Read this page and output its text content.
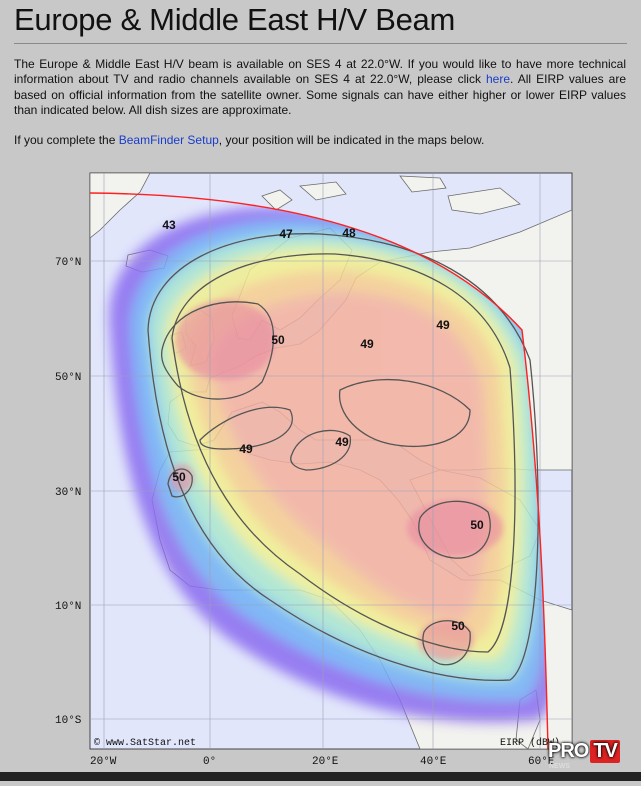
Europe & Middle East H/V Beam
The Europe & Middle East H/V beam is available on SES 4 at 22.0°W. If you would like to have more technical information about TV and radio channels available on SES 4 at 22.0°W, please click here. All EIRP values are based on official information from the satellite owner. Some signals can have either higher or lower EIRP values than indicated below. All dish sizes are approximate.
If you complete the BeamFinder Setup, your position will be indicated in the maps below.
70°N
50°N
30°N
10°N
10°S
20°W	0°	20°E	40°E	60°E
43
47	48
49
49
50
49	49
50
50
50
© www.SatStar.net	EIRP (dBW)
PRO $TV^{NEWS}$
